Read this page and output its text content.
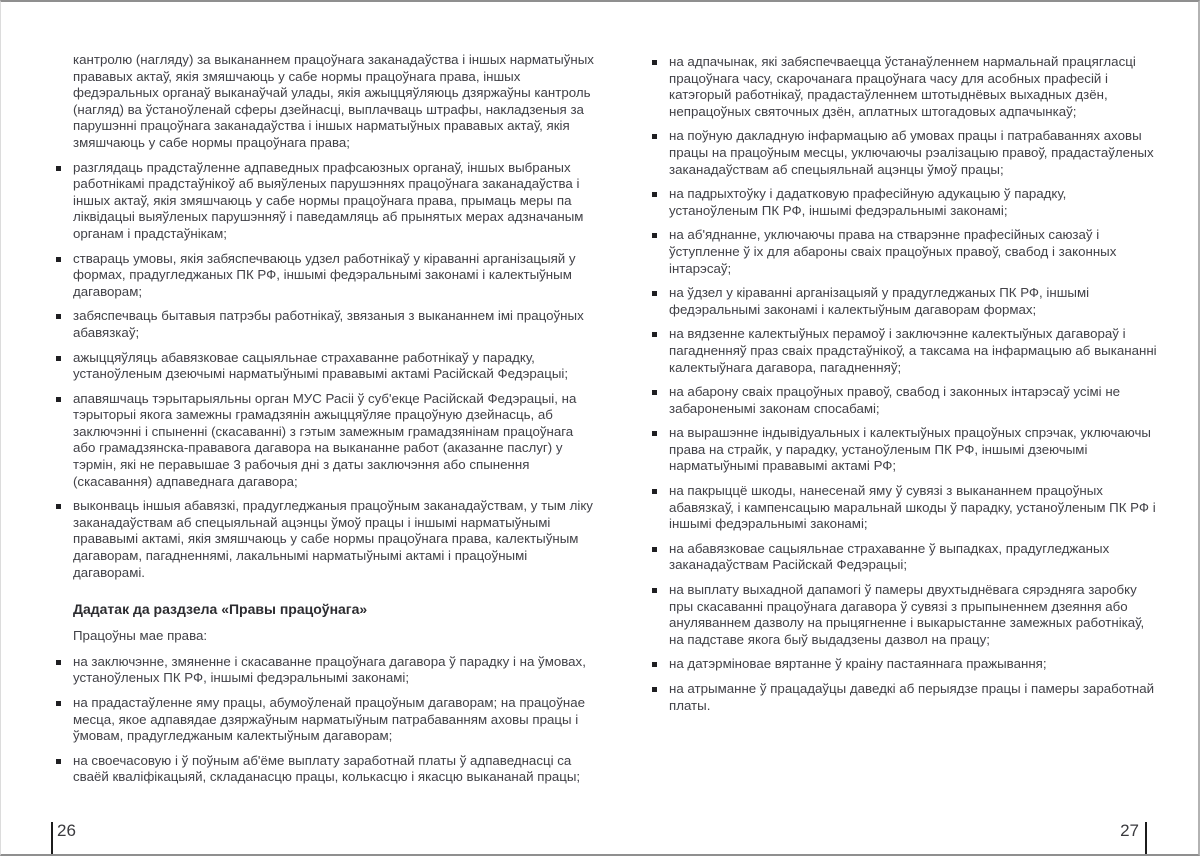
кантролю (нагляду) за выкананнем працоўнага заканадаўства і іншых нарматыўных прававых актаў, якія змяшчаюць у сабе нормы працоўнага права, іншых федэральных органаў выканаўчай улады, якія ажыццяўляюць дзяржаўны кантроль (нагляд) ва ўстаноўленай сферы дзейнасці, выплачваць штрафы, накладзеныя за парушэнні працоўнага заканадаўства і іншых нарматыўных прававых актаў, якія змяшчаюць у сабе нормы працоўнага права;

разглядаць прадстаўленне адпаведных прафсаюзных органаў, іншых выбраных работнікамі прадстаўнікоў аб выяўленых парушэннях працоўнага заканадаўства і іншых актаў, якія змяшчаюць у сабе нормы працоўнага права, прымаць меры па ліквідацыі выяўленых парушэнняў і паведамляць аб прынятых мерах адзначаным органам і прадстаўнікам;
ствараць умовы, якія забяспечваюць удзел работнікаў у кіраванні арганізацыяй у формах, прадугледжаных ПК РФ, іншымі федэральнымі законамі і калектыўным дагаворам;
забяспечваць бытавыя патрэбы работнікаў, звязаныя з выкананнем імі працоўных абавязкаў;
ажыццяўляць абавязковае сацыяльнае страхаванне работнікаў у парадку, устаноўленым дзеючымі нарматыўнымі прававымі актамі Расійскай Федэрацыі;
апавяшчаць тэрытарыяльны орган МУС Расіі ў суб'екце Расійскай Федэрацыі, на тэрыторыі якога замежны грамадзянін ажыццяўляе працоўную дзейнасць, аб заключэнні і спыненні (скасаванні) з гэтым замежным грамадзянінам працоўнага або грамадзянска-прававога дагавора на выкананне работ (аказанне паслуг) у тэрмін, які не перавышае 3 рабочыя дні з даты заключэння або спынення (скасавання) адпаведнага дагавора;
выконваць іншыя абавязкі, прадугледжаныя працоўным заканадаўствам, у тым ліку заканадаўствам аб спецыяльнай ацэнцы ўмоў працы і іншымі нарматыўнымі прававымі актамі, якія змяшчаюць у сабе нормы працоўнага права, калектыўным дагаворам, пагадненнямі, лакальнымі нарматыўнымі актамі і працоўнымі дагаворамі.
Дадатак да раздзела «Правы працоўнага»

Працоўны мае права:

на заключэнне, змяненне і скасаванне працоўнага дагавора ў парадку і на ўмовах, устаноўленых ПК РФ, іншымі федэральнымі законамі;
на прадастаўленне яму працы, абумоўленай працоўным дагаворам; на працоўнае месца, якое адпавядае дзяржаўным нарматыўным патрабаванням аховы працы і ўмовам, прадугледжаным калектыўным дагаворам;
на своечасовую і ў поўным аб'ёме выплату заработнай платы ў адпаведнасці са сваёй кваліфікацыяй, складанасцю працы, колькасцю і якасцю выкананай працы;
на адпачынак, які забяспечваецца ўстанаўленнем нармальнай працягласці працоўнага часу, скарочанага працоўнага часу для асобных прафесій і катэгорый работнікаў, прадастаўленнем штотыднёвых выхадных дзён, непрацоўных святочных дзён, аплатных штогадовых адпачынкаў;
на поўную дакладную інфармацыю аб умовах працы і патрабаваннях аховы працы на працоўным месцы, уключаючы рэалізацыю правоў, прадастаўленых заканадаўствам аб спецыяльнай ацэнцы ўмоў працы;
на падрыхтоўку і дадатковую прафесійную адукацыю ў парадку, устаноўленым ПК РФ, іншымі федэральнымі законамі;
на аб'яднанне, уключаючы права на стварэнне прафесійных саюзаў і ўступленне ў іх для абароны сваіх працоўных правоў, свабод і законных інтарэсаў;
на ўдзел у кіраванні арганізацыяй у прадугледжаных ПК РФ, іншымі федэральнымі законамі і калектыўным дагаворам формах;
на вядзенне калектыўных перамоў і заключэнне калектыўных дагавораў і пагадненняў праз сваіх прадстаўнікоў, а таксама на інфармацыю аб выкананні калектыўнага дагавора, пагадненняў;
на абарону сваіх працоўных правоў, свабод і законных інтарэсаў усімі не забароненымі законам спосабамі;
на вырашэнне індывідуальных і калектыўных працоўных спрэчак, уключаючы права на страйк, у парадку, устаноўленым ПК РФ, іншымі дзеючымі нарматыўнымі прававымі актамі РФ;
на пакрыццё шкоды, нанесенай яму ў сувязі з выкананнем працоўных абавязкаў, і кампенсацыю маральнай шкоды ў парадку, устаноўленым ПК РФ і іншымі федэральнымі законамі;
на абавязковае сацыяльнае страхаванне ў выпадках, прадугледжаных заканадаўствам Расійскай Федэрацыі;
на выплату выхадной дапамогі ў памеры двухтыднёвага сярэдняга заробку пры скасаванні працоўнага дагавора ў сувязі з прыпыненнем дзеяння або ануляваннем дазволу на прыцягненне і выкарыстанне замежных работнікаў, на падставе якога быў выдадзены дазвол на працу;
на датэрміновае вяртанне ў краіну пастаяннага пражывання;
на атрыманне ў працадаўцы даведкі аб перыядзе працы і памеры заработнай платы.
26	27
